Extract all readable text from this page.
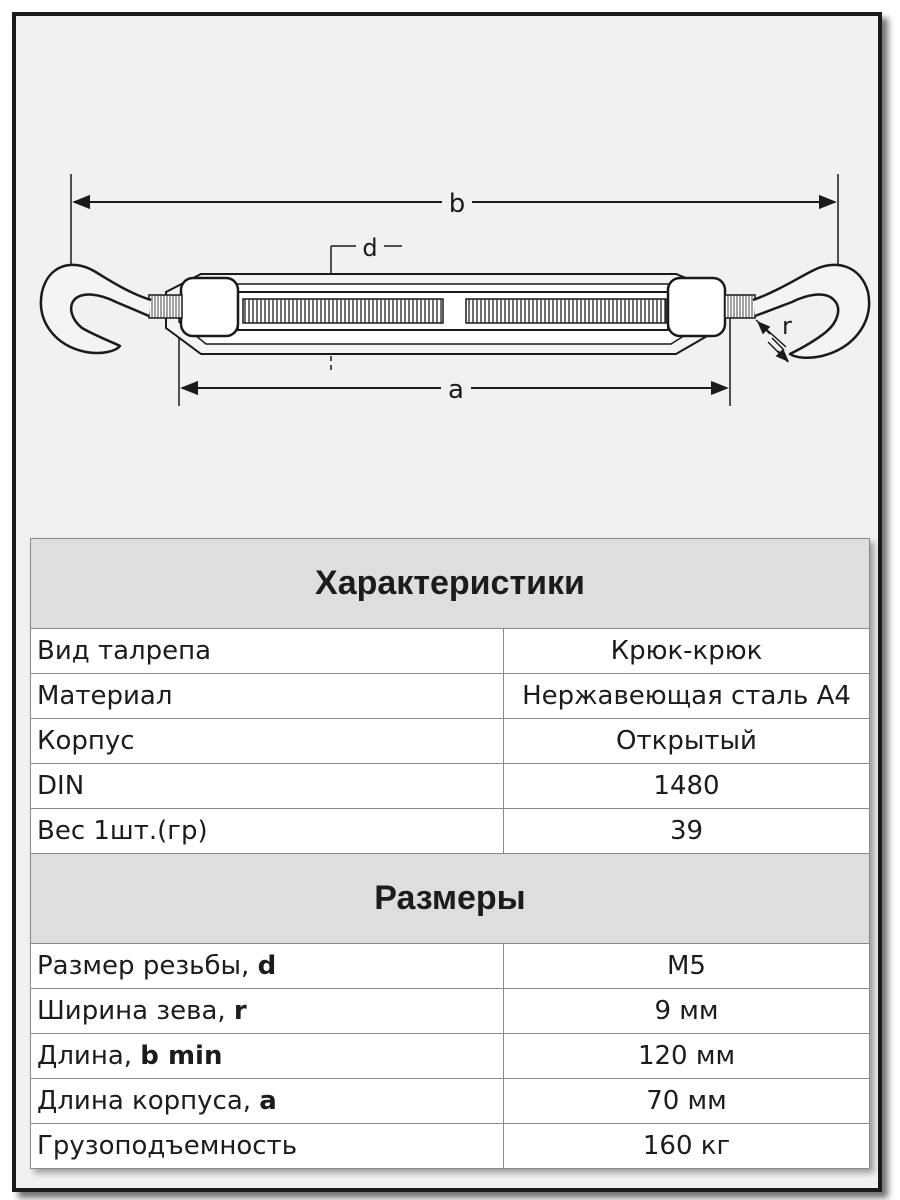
b
d
a
r
Характеристики	
Вид талрепа	Крюк-крюк
Материал	Нержавеющая сталь А4
Корпус	Открытый
DIN	1480
Вес 1шт.(гр)	39
Размеры	
Размер резьбы, d	М5
Ширина зева, r	9 мм
Длина, b min	120 мм
Длина корпуса, a	70 мм
Грузоподъемность	160 кг
